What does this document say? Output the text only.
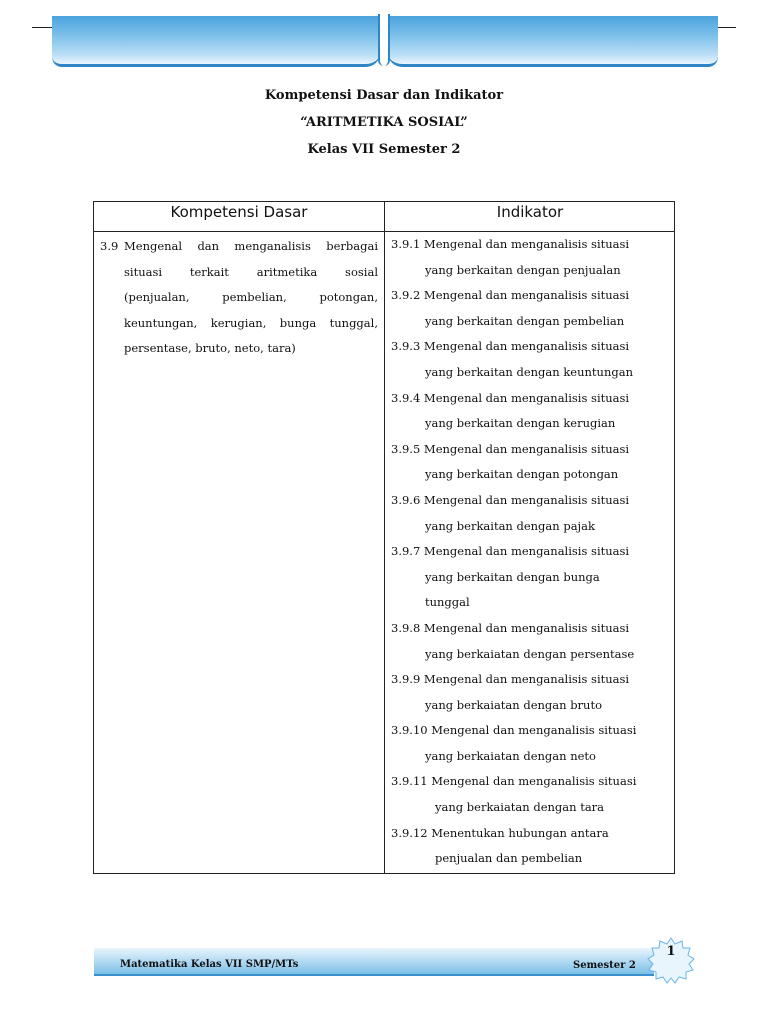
Kompetensi Dasar dan Indikator
“ARITMETIKA SOSIAL”
Kelas VII Semester 2
Kompetensi Dasar	Indikator
3.9 Mengenal dan menganalisis berbagai
situasi terkait aritmetika sosial
(penjualan, pembelian, potongan,
keuntungan, kerugian, bunga tunggal,
persentase, bruto, neto, tara)
3.9.1 Mengenal dan menganalisis situasi
yang berkaitan dengan penjualan
3.9.2 Mengenal dan menganalisis situasi
yang berkaitan dengan pembelian
3.9.3 Mengenal dan menganalisis situasi
yang berkaitan dengan keuntungan
3.9.4 Mengenal dan menganalisis situasi
yang berkaitan dengan kerugian
3.9.5 Mengenal dan menganalisis situasi
yang berkaitan dengan potongan
3.9.6 Mengenal dan menganalisis situasi
yang berkaitan dengan pajak
3.9.7 Mengenal dan menganalisis situasi
yang berkaitan dengan bunga
tunggal
3.9.8 Mengenal dan menganalisis situasi
yang berkaiatan dengan persentase
3.9.9 Mengenal dan menganalisis situasi
yang berkaiatan dengan bruto
3.9.10 Mengenal dan menganalisis situasi
yang berkaiatan dengan neto
3.9.11 Mengenal dan menganalisis situasi
yang berkaiatan dengan tara
3.9.12 Menentukan hubungan antara
penjualan dan pembelian
Matematika Kelas VII SMP/MTs	Semester 2
1
